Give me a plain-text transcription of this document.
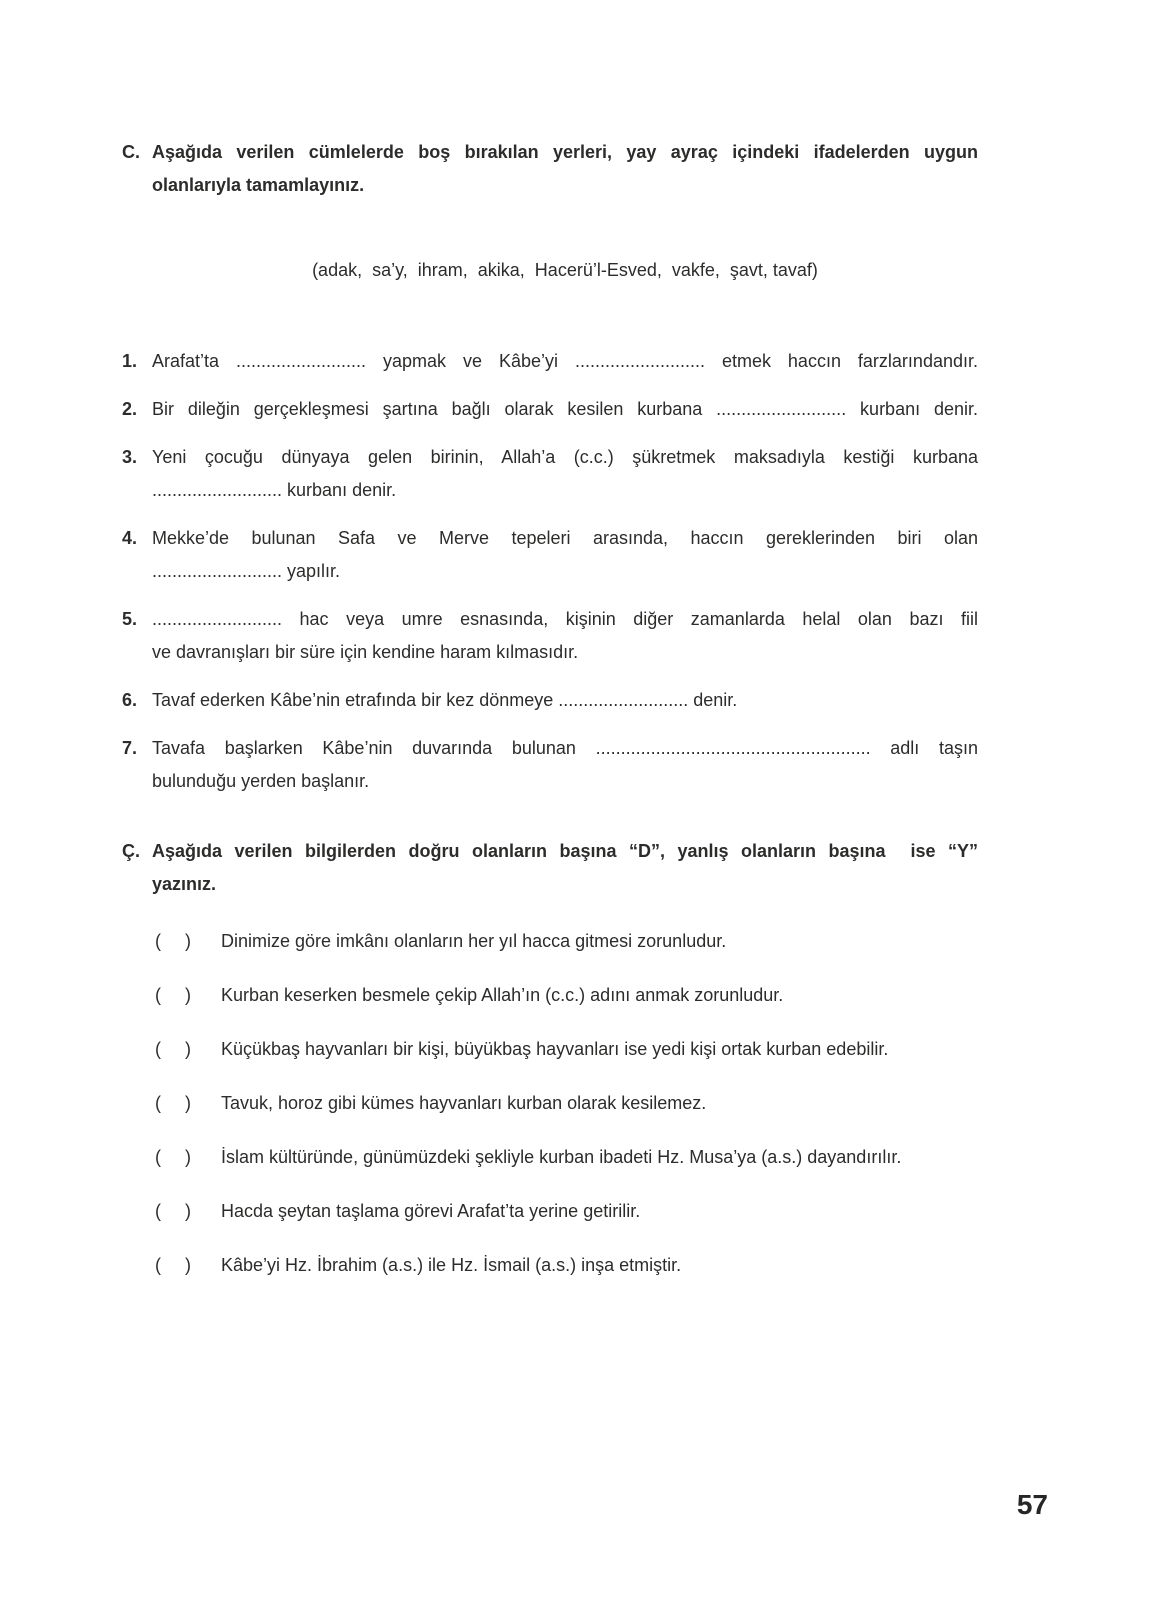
C. Aşağıda verilen cümlelerde boş bırakılan yerleri, yay ayraç içindeki ifadelerden uygun
olanlarıyla tamamlayınız.
(adak,  sa’y,  ihram,  akika,  Hacerü’l-Esved,  vakfe,  şavt, tavaf)
1. Arafat’ta .......................... yapmak ve Kâbe’yi .......................... etmek haccın farzlarındandır.
2. Bir dileğin gerçekleşmesi şartına bağlı olarak kesilen kurbana .......................... kurbanı denir.
3. Yeni çocuğu dünyaya gelen birinin, Allah’a (c.c.) şükretmek maksadıyla kestiği kurbana
.......................... kurbanı denir.
4. Mekke’de bulunan Safa ve Merve tepeleri arasında, haccın gereklerinden biri olan
.......................... yapılır.
5. .......................... hac veya umre esnasında, kişinin diğer zamanlarda helal olan bazı fiil
ve davranışları bir süre için kendine haram kılmasıdır.
6. Tavaf ederken Kâbe’nin etrafında bir kez dönmeye .......................... denir.
7. Tavafa başlarken Kâbe’nin duvarında bulunan ....................................................... adlı taşın
bulunduğu yerden başlanır.
Ç. Aşağıda verilen bilgilerden doğru olanların başına “D”, yanlış olanların başına  ise “Y”
yazınız.
( ) Dinimize göre imkânı olanların her yıl hacca gitmesi zorunludur.
( ) Kurban keserken besmele çekip Allah’ın (c.c.) adını anmak zorunludur.
( ) Küçükbaş hayvanları bir kişi, büyükbaş hayvanları ise yedi kişi ortak kurban edebilir.
( ) Tavuk, horoz gibi kümes hayvanları kurban olarak kesilemez.
( ) İslam kültüründe, günümüzdeki şekliyle kurban ibadeti Hz. Musa’ya (a.s.) dayandırılır.
( ) Hacda şeytan taşlama görevi Arafat’ta yerine getirilir.
( ) Kâbe’yi Hz. İbrahim (a.s.) ile Hz. İsmail (a.s.) inşa etmiştir.
57
